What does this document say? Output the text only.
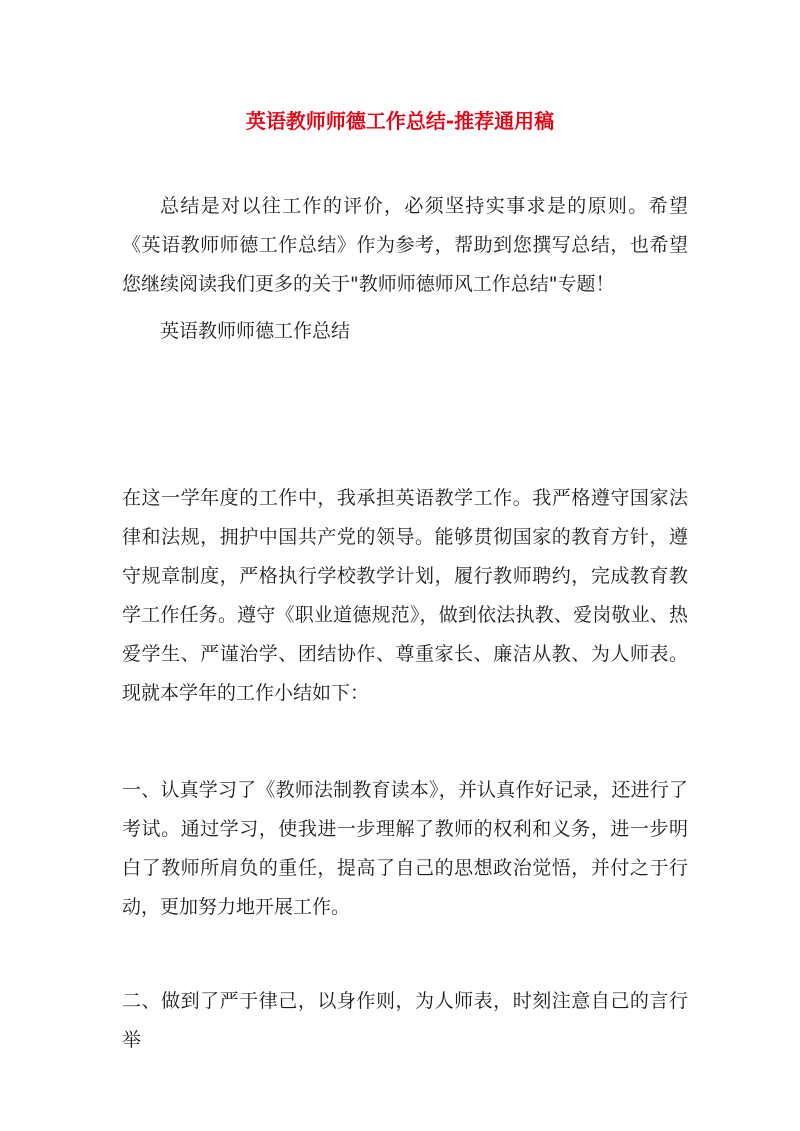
英语教师师德工作总结-推荐通用稿

总结是对以往工作的评价，必须坚持实事求是的原则。希望《英语教师师德工作总结》作为参考，帮助到您撰写总结，也希望您继续阅读我们更多的关于"教师师德师风工作总结"专题！

英语教师师德工作总结

在这一学年度的工作中，我承担英语教学工作。我严格遵守国家法律和法规，拥护中国共产党的领导。能够贯彻国家的教育方针，遵守规章制度，严格执行学校教学计划，履行教师聘约，完成教育教学工作任务。遵守《职业道德规范》，做到依法执教、爱岗敬业、热爱学生、严谨治学、团结协作、尊重家长、廉洁从教、为人师表。现就本学年的工作小结如下：

一、认真学习了《教师法制教育读本》，并认真作好记录，还进行了考试。通过学习，使我进一步理解了教师的权利和义务，进一步明白了教师所肩负的重任，提高了自己的思想政治觉悟，并付之于行动，更加努力地开展工作。

二、做到了严于律己，以身作则，为人师表，时刻注意自己的言行举
